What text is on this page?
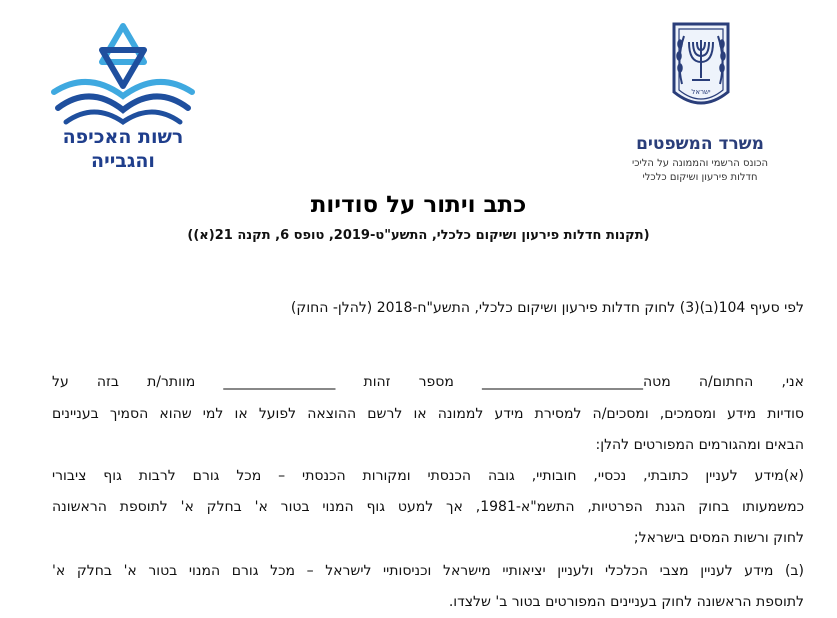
רשות האכיפה
והגבייה
ישראל
משרד המשפטים
הכונס הרשמי והממונה על הליכי
חדלות פירעון ושיקום כלכלי
כתב ויתור על סודיות
(תקנות חדלות פירעון ושיקום כלכלי, התשע"ט-2019, טופס 6, תקנה 21(א))
לפי סעיף 104(ב)(3) לחוק חדלות פירעון ושיקום כלכלי, התשע"ח-2018 (להלן- החוק)
אני, החתום/ה מטה_______________________ מספר זהות ________________ מוותר/ת בזה על
סודיות מידע ומסמכים, ומסכים/ה למסירת מידע לממונה או לרשם ההוצאה לפועל או למי שהוא הסמיך בעניינים
הבאים ומהגורמים המפורטים להלן:
(א)מידע לעניין כתובתי, נכסיי, חובותיי, גובה הכנסתי ומקורות הכנסתי – מכל גורם לרבות גוף ציבורי
כמשמעותו בחוק הגנת הפרטיות, התשמ"א-1981, אך למעט גוף המנוי בטור א' בחלק א' לתוספת הראשונה
לחוק ורשות המסים בישראל;
(ב) מידע לעניין מצבי הכלכלי ולעניין יציאותיי מישראל וכניסותיי לישראל – מכל גורם המנוי בטור א' בחלק א'
לתוספת הראשונה לחוק בעניינים המפורטים בטור ב' שלצדו.
